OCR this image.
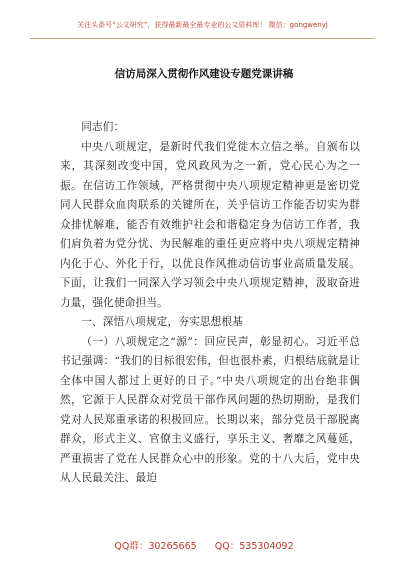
关注头条号“公文研究”，获得最新最全最专业的公文资料库！ 微信：gongwenyj
信访局深入贯彻作风建设专题党课讲稿

同志们：

中央八项规定，是新时代我们党徙木立信之举。自颁布以来，其深刻改变中国，党风政风为之一新，党心民心为之一振。在信访工作领域，严格贯彻中央八项规定精神更是密切党同人民群众血肉联系的关键所在，关乎信访工作能否切实为群众排忧解难，能否有效维护社会和谐稳定身为信访工作者，我们肩负着为党分忧、为民解难的重任更应将中央八项规定精神内化于心、外化于行，以优良作风推动信访事业高质量发展。下面，让我们一同深入学习领会中央八项规定精神，汲取奋进力量，强化使命担当。

一、深悟八项规定，夯实思想根基

（一）八项规定之“源”：回应民声，彰显初心。

习近平总书记强调：“我们的目标很宏伟，但也很朴素，归根结底就是让全体中国人都过上更好的日子。”中央八项规定的出台绝非偶然，它源于人民群众对党员干部作风问题的热切期盼，是我们党对人民郑重承诺的积极回应。长期以来，部分党员干部脱离群众，形式主义、官僚主义盛行，享乐主义、奢靡之风蔓延，严重损害了党在人民群众心中的形象。党的十八大后，党中央从人民最关注、最迫

QQ群：30265665      QQ：535304092
